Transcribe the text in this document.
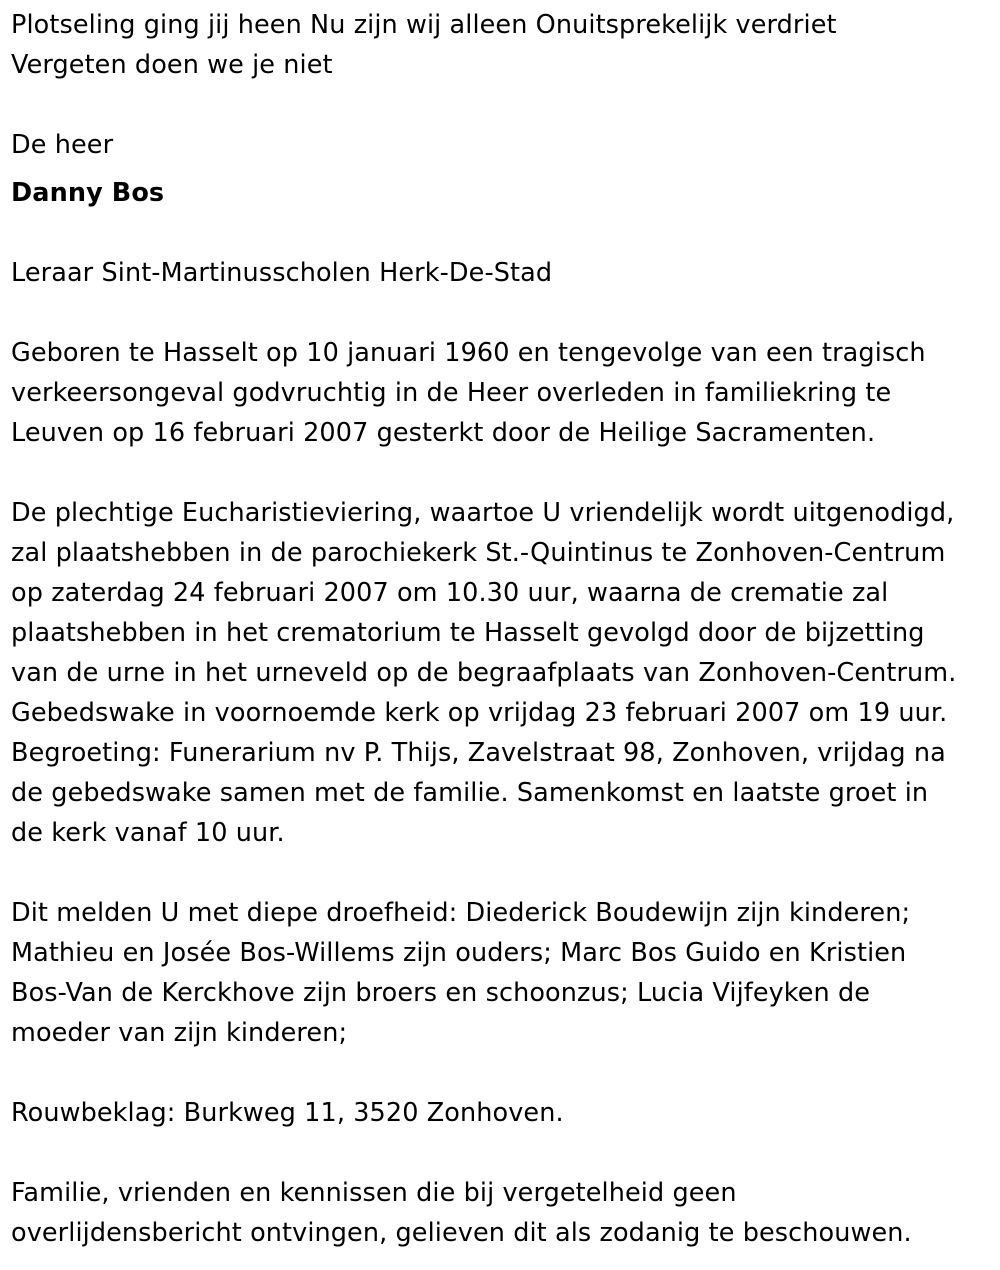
Plotseling ging jij heen Nu zijn wij alleen Onuitsprekelijk verdriet
Vergeten doen we je niet
De heer
Danny Bos
Leraar Sint-Martinusscholen Herk-De-Stad
Geboren te Hasselt op 10 januari 1960 en tengevolge van een tragisch
verkeersongeval godvruchtig in de Heer overleden in familiekring te
Leuven op 16 februari 2007 gesterkt door de Heilige Sacramenten.
De plechtige Eucharistieviering, waartoe U vriendelijk wordt uitgenodigd,
zal plaatshebben in de parochiekerk St.-Quintinus te Zonhoven-Centrum
op zaterdag 24 februari 2007 om 10.30 uur, waarna de crematie zal
plaatshebben in het crematorium te Hasselt gevolgd door de bijzetting
van de urne in het urneveld op de begraafplaats van Zonhoven-Centrum.
Gebedswake in voornoemde kerk op vrijdag 23 februari 2007 om 19 uur.
Begroeting: Funerarium nv P. Thijs, Zavelstraat 98, Zonhoven, vrijdag na
de gebedswake samen met de familie. Samenkomst en laatste groet in
de kerk vanaf 10 uur.
Dit melden U met diepe droefheid: Diederick Boudewijn zijn kinderen;
Mathieu en Josée Bos-Willems zijn ouders; Marc Bos Guido en Kristien
Bos-Van de Kerckhove zijn broers en schoonzus; Lucia Vijfeyken de
moeder van zijn kinderen;
Rouwbeklag: Burkweg 11, 3520 Zonhoven.
Familie, vrienden en kennissen die bij vergetelheid geen
overlijdensbericht ontvingen, gelieven dit als zodanig te beschouwen.
